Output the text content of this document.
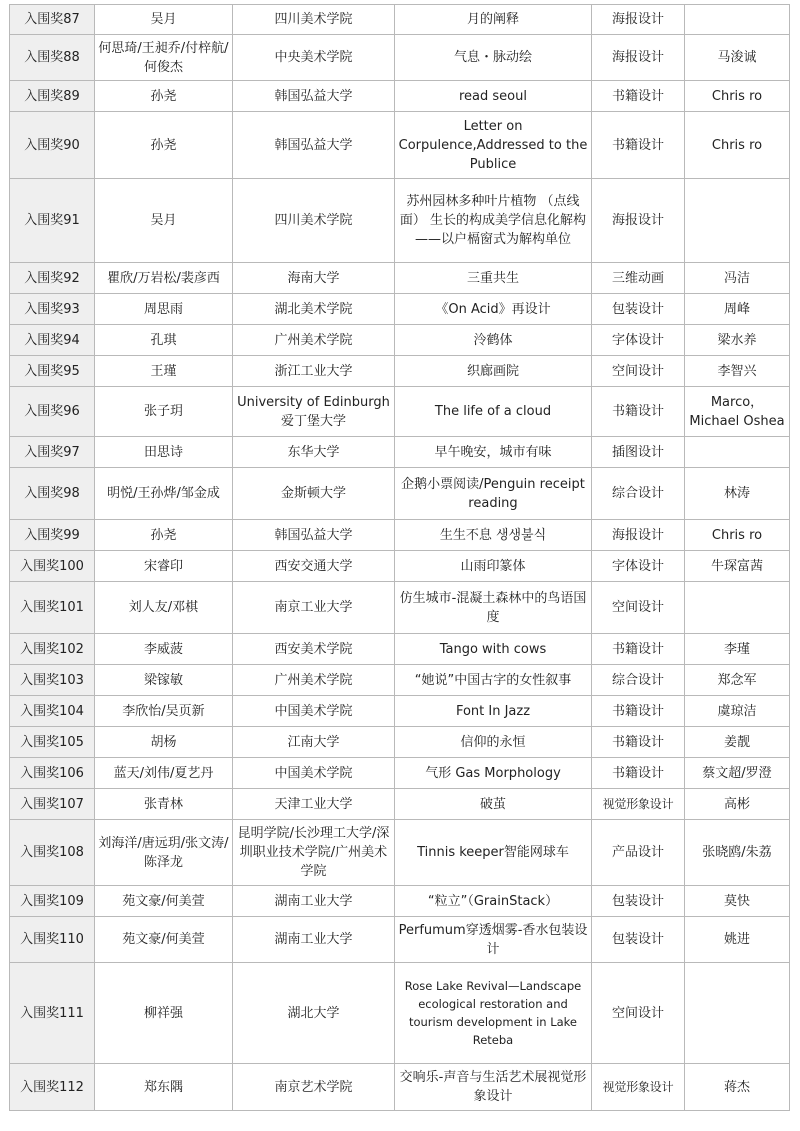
入围奖87	吴月	四川美术学院	月的阐释	海报设计	
入围奖88	何思琦/王昶乔/付梓航/何俊杰	中央美术学院	气息・脉动绘	海报设计	马浚诚
入围奖89	孙尧	韩国弘益大学	read seoul	书籍设计	Chris ro
入围奖90	孙尧	韩国弘益大学	Letter on Corpulence,Addressed to the Publice	书籍设计	Chris ro
入围奖91	吴月	四川美术学院	苏州园林多种叶片植物 （点线面） 生长的构成美学信息化解构——以户槅窗式为解构单位	海报设计	
入围奖92	瞿欣/万岩松/裴彦西	海南大学	三重共生	三维动画	冯洁
入围奖93	周思雨	湖北美术学院	《On Acid》再设计	包装设计	周峰
入围奖94	孔琪	广州美术学院	泠鹤体	字体设计	梁水养
入围奖95	王瑾	浙江工业大学	织廊画院	空间设计	李智兴
入围奖96	张子玥	University of Edinburgh 爱丁堡大学	The life of a cloud	书籍设计	Marco，Michael Oshea
入围奖97	田思诗	东华大学	早午晚安，城市有味	插图设计	
入围奖98	明悦/王孙烨/邹金成	金斯顿大学	企鹅小票阅读/Penguin receipt reading	综合设计	林涛
入围奖99	孙尧	韩国弘益大学	生生不息 생생불식	海报设计	Chris ro
入围奖100	宋睿印	西安交通大学	山雨印篆体	字体设计	牛琛富茜
入围奖101	刘人友/邓棋	南京工业大学	仿生城市-混凝土森林中的鸟语国度	空间设计	
入围奖102	李威菠	西安美术学院	Tango with cows	书籍设计	李瑾
入围奖103	梁镓敏	广州美术学院	“她说”中国古字的女性叙事	综合设计	郑念军
入围奖104	李欣怡/吴页新	中国美术学院	Font In Jazz	书籍设计	虞琼洁
入围奖105	胡杨	江南大学	信仰的永恒	书籍设计	姜靓
入围奖106	蓝天/刘伟/夏艺丹	中国美术学院	气形 Gas Morphology	书籍设计	蔡文超/罗澄
入围奖107	张青林	天津工业大学	破茧	视觉形象设计	高彬
入围奖108	刘海洋/唐远玥/张文涛/陈泽龙	昆明学院/长沙理工大学/深圳职业技术学院/广州美术学院	Tinnis keeper智能网球车	产品设计	张晓鸥/朱荔
入围奖109	苑文豪/何美萱	湖南工业大学	“粒立”（GrainStack）	包装设计	莫快
入围奖110	苑文豪/何美萱	湖南工业大学	Perfumum穿透烟雾-香水包装设计	包装设计	姚进
入围奖111	柳祥强	湖北大学	Rose Lake Revival—Landscape ecological restoration and tourism development in Lake Reteba	空间设计	
入围奖112	郑东隅	南京艺术学院	交响乐-声音与生活艺术展视觉形象设计	视觉形象设计	蒋杰
